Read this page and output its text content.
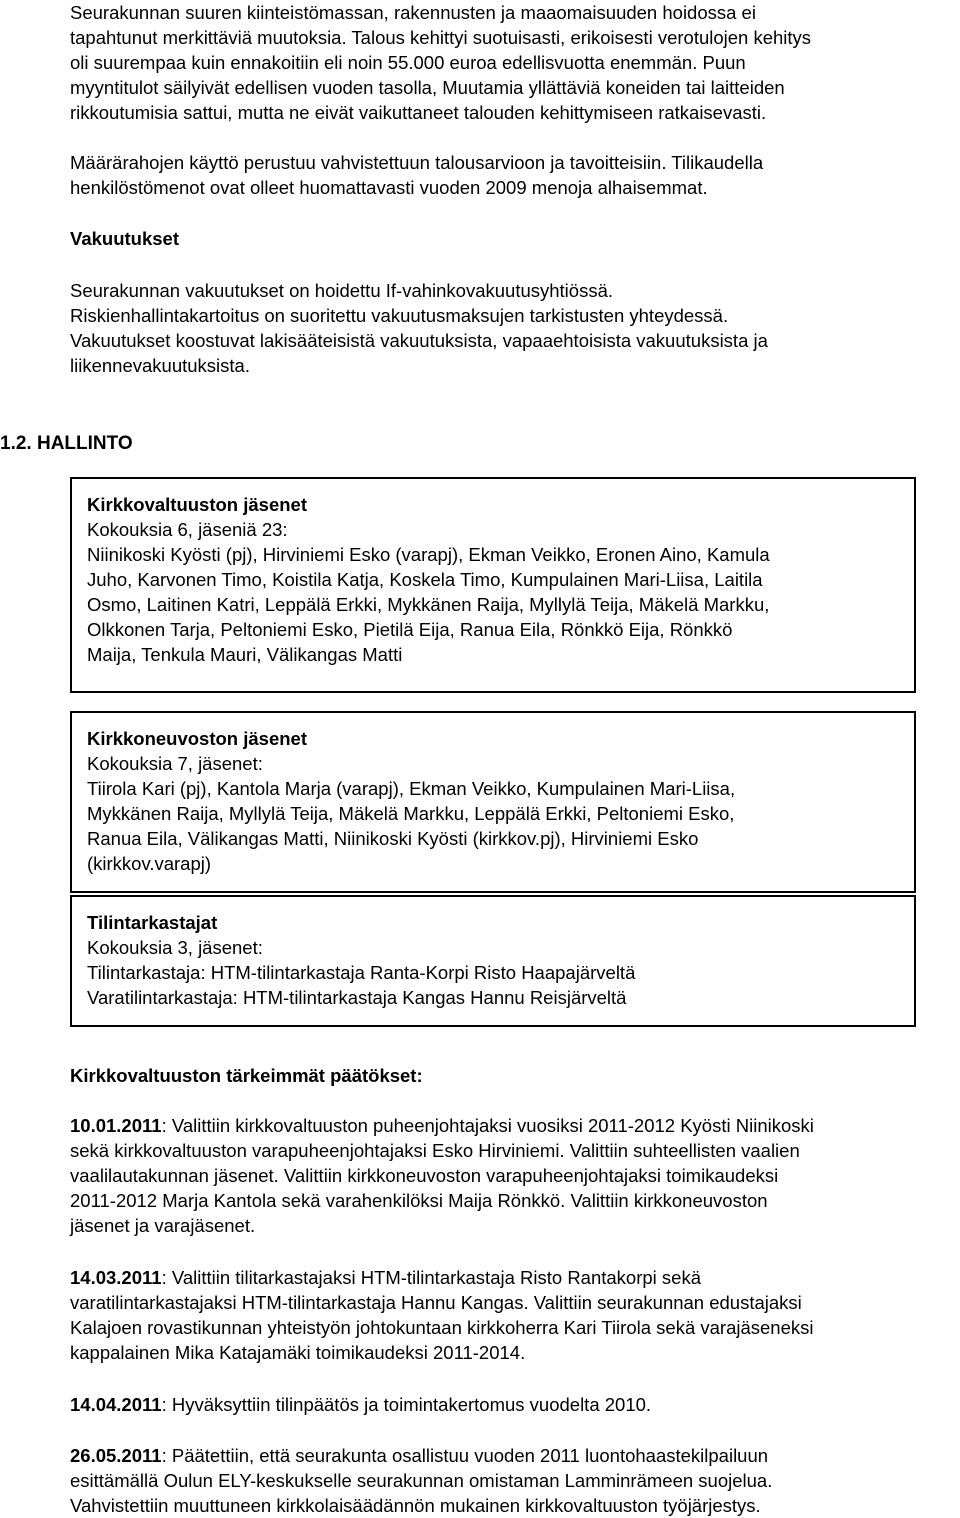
Seurakunnan suuren kiinteistömassan, rakennusten ja maaomaisuuden hoidossa ei
tapahtunut merkittäviä muutoksia. Talous kehittyi suotuisasti, erikoisesti verotulojen kehitys
oli suurempaa kuin ennakoitiin eli noin 55.000 euroa edellisvuotta enemmän. Puun
myyntitulot säilyivät edellisen vuoden tasolla, Muutamia yllättäviä koneiden tai laitteiden
rikkoutumisia sattui, mutta ne eivät vaikuttaneet talouden kehittymiseen ratkaisevasti.
Määrärahojen käyttö perustuu vahvistettuun talousarvioon ja tavoitteisiin. Tilikaudella
henkilöstömenot ovat olleet huomattavasti vuoden 2009 menoja alhaisemmat.
Vakuutukset
Seurakunnan vakuutukset on hoidettu If-vahinkovakuutusyhtiössä.
Riskienhallintakartoitus on suoritettu vakuutusmaksujen tarkistusten yhteydessä.
Vakuutukset koostuvat lakisääteisistä vakuutuksista, vapaaehtoisista vakuutuksista ja
liikennevakuutuksista.
1.2. HALLINTO
Kirkkovaltuuston jäsenet
Kokouksia 6, jäseniä 23:
Niinikoski Kyösti (pj), Hirviniemi Esko (varapj), Ekman Veikko, Eronen Aino, Kamula
Juho, Karvonen Timo, Koistila Katja, Koskela Timo, Kumpulainen Mari-Liisa, Laitila
Osmo, Laitinen Katri, Leppälä Erkki, Mykkänen Raija, Myllylä Teija, Mäkelä Markku,
Olkkonen Tarja, Peltoniemi Esko, Pietilä Eija, Ranua Eila, Rönkkö Eija, Rönkkö
Maija, Tenkula Mauri, Välikangas Matti
Kirkkoneuvoston jäsenet
Kokouksia 7, jäsenet:
Tiirola Kari (pj), Kantola Marja (varapj), Ekman Veikko, Kumpulainen Mari-Liisa,
Mykkänen Raija, Myllylä Teija, Mäkelä Markku, Leppälä Erkki, Peltoniemi Esko,
Ranua Eila, Välikangas Matti, Niinikoski Kyösti (kirkkov.pj), Hirviniemi Esko
(kirkkov.varapj)
Tilintarkastajat
Kokouksia 3, jäsenet:
Tilintarkastaja: HTM-tilintarkastaja Ranta-Korpi Risto Haapajärveltä
Varatilintarkastaja: HTM-tilintarkastaja Kangas Hannu Reisjärveltä
Kirkkovaltuuston tärkeimmät päätökset:
10.01.2011: Valittiin kirkkovaltuuston puheenjohtajaksi vuosiksi 2011-2012 Kyösti Niinikoski
sekä kirkkovaltuuston varapuheenjohtajaksi Esko Hirviniemi. Valittiin suhteellisten vaalien
vaalilautakunnan jäsenet. Valittiin kirkkoneuvoston varapuheenjohtajaksi toimikaudeksi
2011-2012 Marja Kantola sekä varahenkilöksi Maija Rönkkö. Valittiin kirkkoneuvoston
jäsenet ja varajäsenet.
14.03.2011: Valittiin tilitarkastajaksi HTM-tilintarkastaja Risto Rantakorpi sekä
varatilintarkastajaksi HTM-tilintarkastaja Hannu Kangas. Valittiin seurakunnan edustajaksi
Kalajoen rovastikunnan yhteistyön johtokuntaan kirkkoherra Kari Tiirola sekä varajäseneksi
kappalainen Mika Katajamäki toimikaudeksi 2011-2014.
14.04.2011: Hyväksyttiin tilinpäätös ja toimintakertomus vuodelta 2010.
26.05.2011: Päätettiin, että seurakunta osallistuu vuoden 2011 luontohaastekilpailuun
esittämällä Oulun ELY-keskukselle seurakunnan omistaman Lamminrämeen suojelua.
Vahvistettiin muuttuneen kirkkolaisäädännön mukainen kirkkovaltuuston työjärjestys.
